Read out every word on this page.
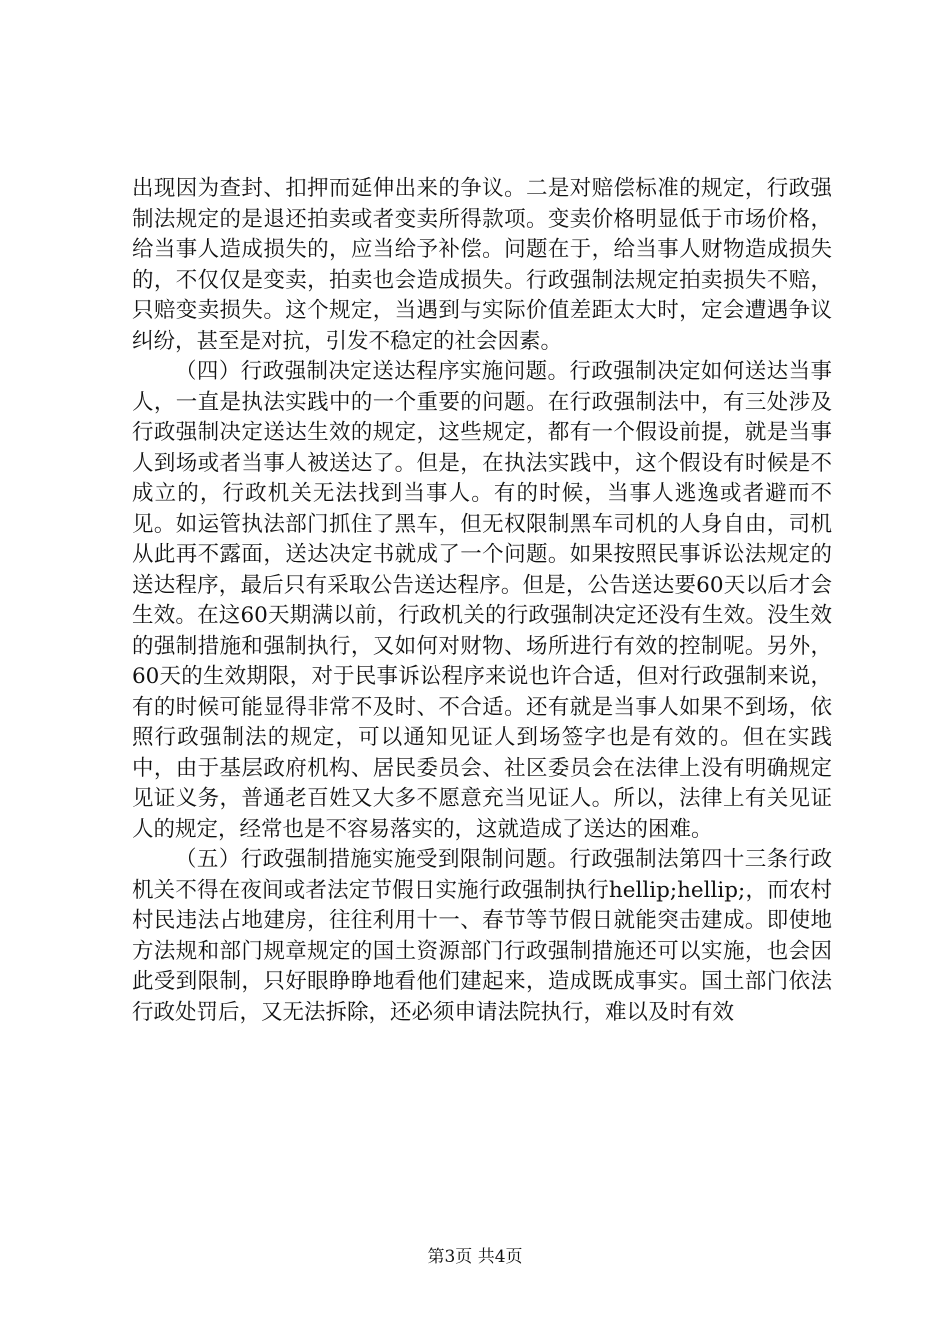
出现因为查封、扣押而延伸出来的争议。二是对赔偿标准的规定，行政强制法规定的是退还拍卖或者变卖所得款项。变卖价格明显低于市场价格，给当事人造成损失的，应当给予补偿。问题在于，给当事人财物造成损失的，不仅仅是变卖，拍卖也会造成损失。行政强制法规定拍卖损失不赔，只赔变卖损失。这个规定，当遇到与实际价值差距太大时，定会遭遇争议纠纷，甚至是对抗，引发不稳定的社会因素。

（四）行政强制决定送达程序实施问题。行政强制决定如何送达当事人，一直是执法实践中的一个重要的问题。在行政强制法中，有三处涉及行政强制决定送达生效的规定，这些规定，都有一个假设前提，就是当事人到场或者当事人被送达了。但是，在执法实践中，这个假设有时候是不成立的，行政机关无法找到当事人。有的时候，当事人逃逸或者避而不见。如运管执法部门抓住了黑车，但无权限制黑车司机的人身自由，司机从此再不露面，送达决定书就成了一个问题。如果按照民事诉讼法规定的送达程序，最后只有采取公告送达程序。但是，公告送达要60天以后才会生效。在这60天期满以前，行政机关的行政强制决定还没有生效。没生效的强制措施和强制执行，又如何对财物、场所进行有效的控制呢。另外，60天的生效期限，对于民事诉讼程序来说也许合适，但对行政强制来说，有的时候可能显得非常不及时、不合适。还有就是当事人如果不到场，依照行政强制法的规定，可以通知见证人到场签字也是有效的。但在实践中，由于基层政府机构、居民委员会、社区委员会在法律上没有明确规定见证义务，普通老百姓又大多不愿意充当见证人。所以，法律上有关见证人的规定，经常也是不容易落实的，这就造成了送达的困难。

（五）行政强制措施实施受到限制问题。行政强制法第四十三条行政机关不得在夜间或者法定节假日实施行政强制执行hellip;hellip;，而农村村民违法占地建房，往往利用十一、春节等节假日就能突击建成。即使地方法规和部门规章规定的国土资源部门行政强制措施还可以实施，也会因此受到限制，只好眼睁睁地看他们建起来，造成既成事实。国土部门依法行政处罚后，又无法拆除，还必须申请法院执行，难以及时有效

第3页 共4页
